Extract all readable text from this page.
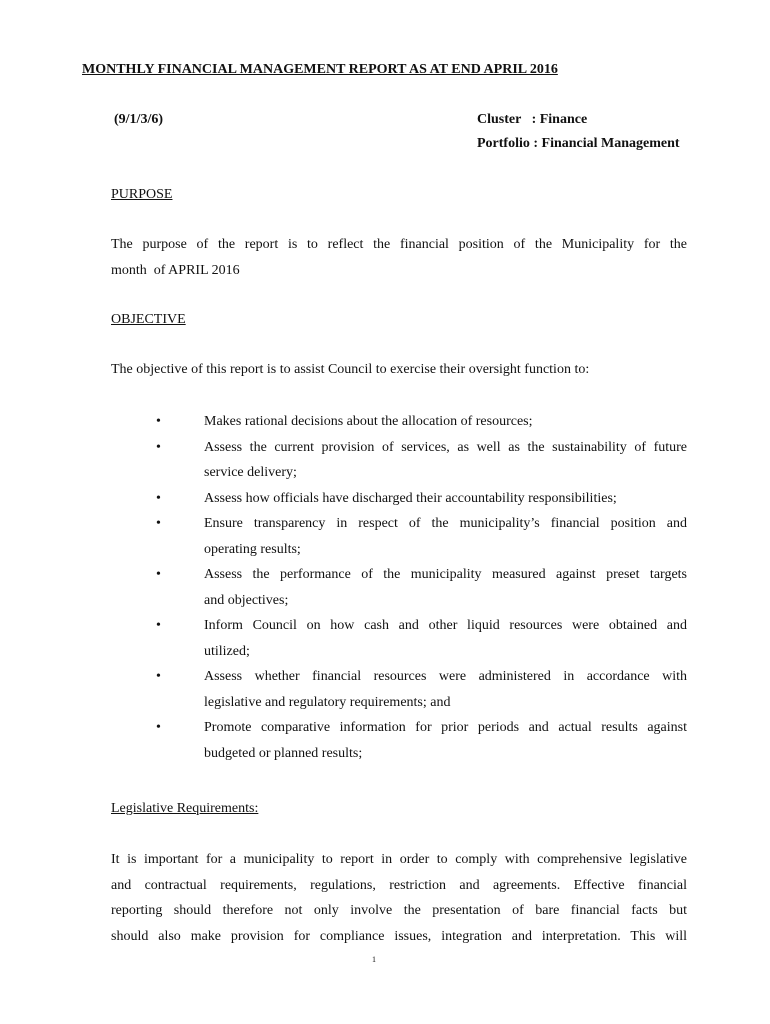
MONTHLY FINANCIAL MANAGEMENT REPORT AS AT END APRIL 2016
(9/1/3/6)	Cluster   : Finance
Portfolio : Financial Management
PURPOSE
The purpose of the report is to reflect the financial position of the Municipality for the
month  of APRIL 2016
OBJECTIVE
The objective of this report is to assist Council to exercise their oversight function to:
•	Makes rational decisions about the allocation of resources;
•	Assess the current provision of services, as well as the sustainability of future
service delivery;
•	Assess how officials have discharged their accountability responsibilities;
•	Ensure transparency in respect of the municipality’s financial position and
operating results;
•	Assess the performance of the municipality measured against preset targets
and objectives;
•	Inform Council on how cash and other liquid resources were obtained and
utilized;
•	Assess whether financial resources were administered in accordance with
legislative and regulatory requirements; and
•	Promote comparative information for prior periods and actual results against
budgeted or planned results;
Legislative Requirements:
It is important for a municipality to report in order to comply with comprehensive legislative
and contractual requirements, regulations, restriction and agreements. Effective financial
reporting should therefore not only involve the presentation of bare financial facts but
should also make provision for compliance issues, integration and interpretation. This will
1
